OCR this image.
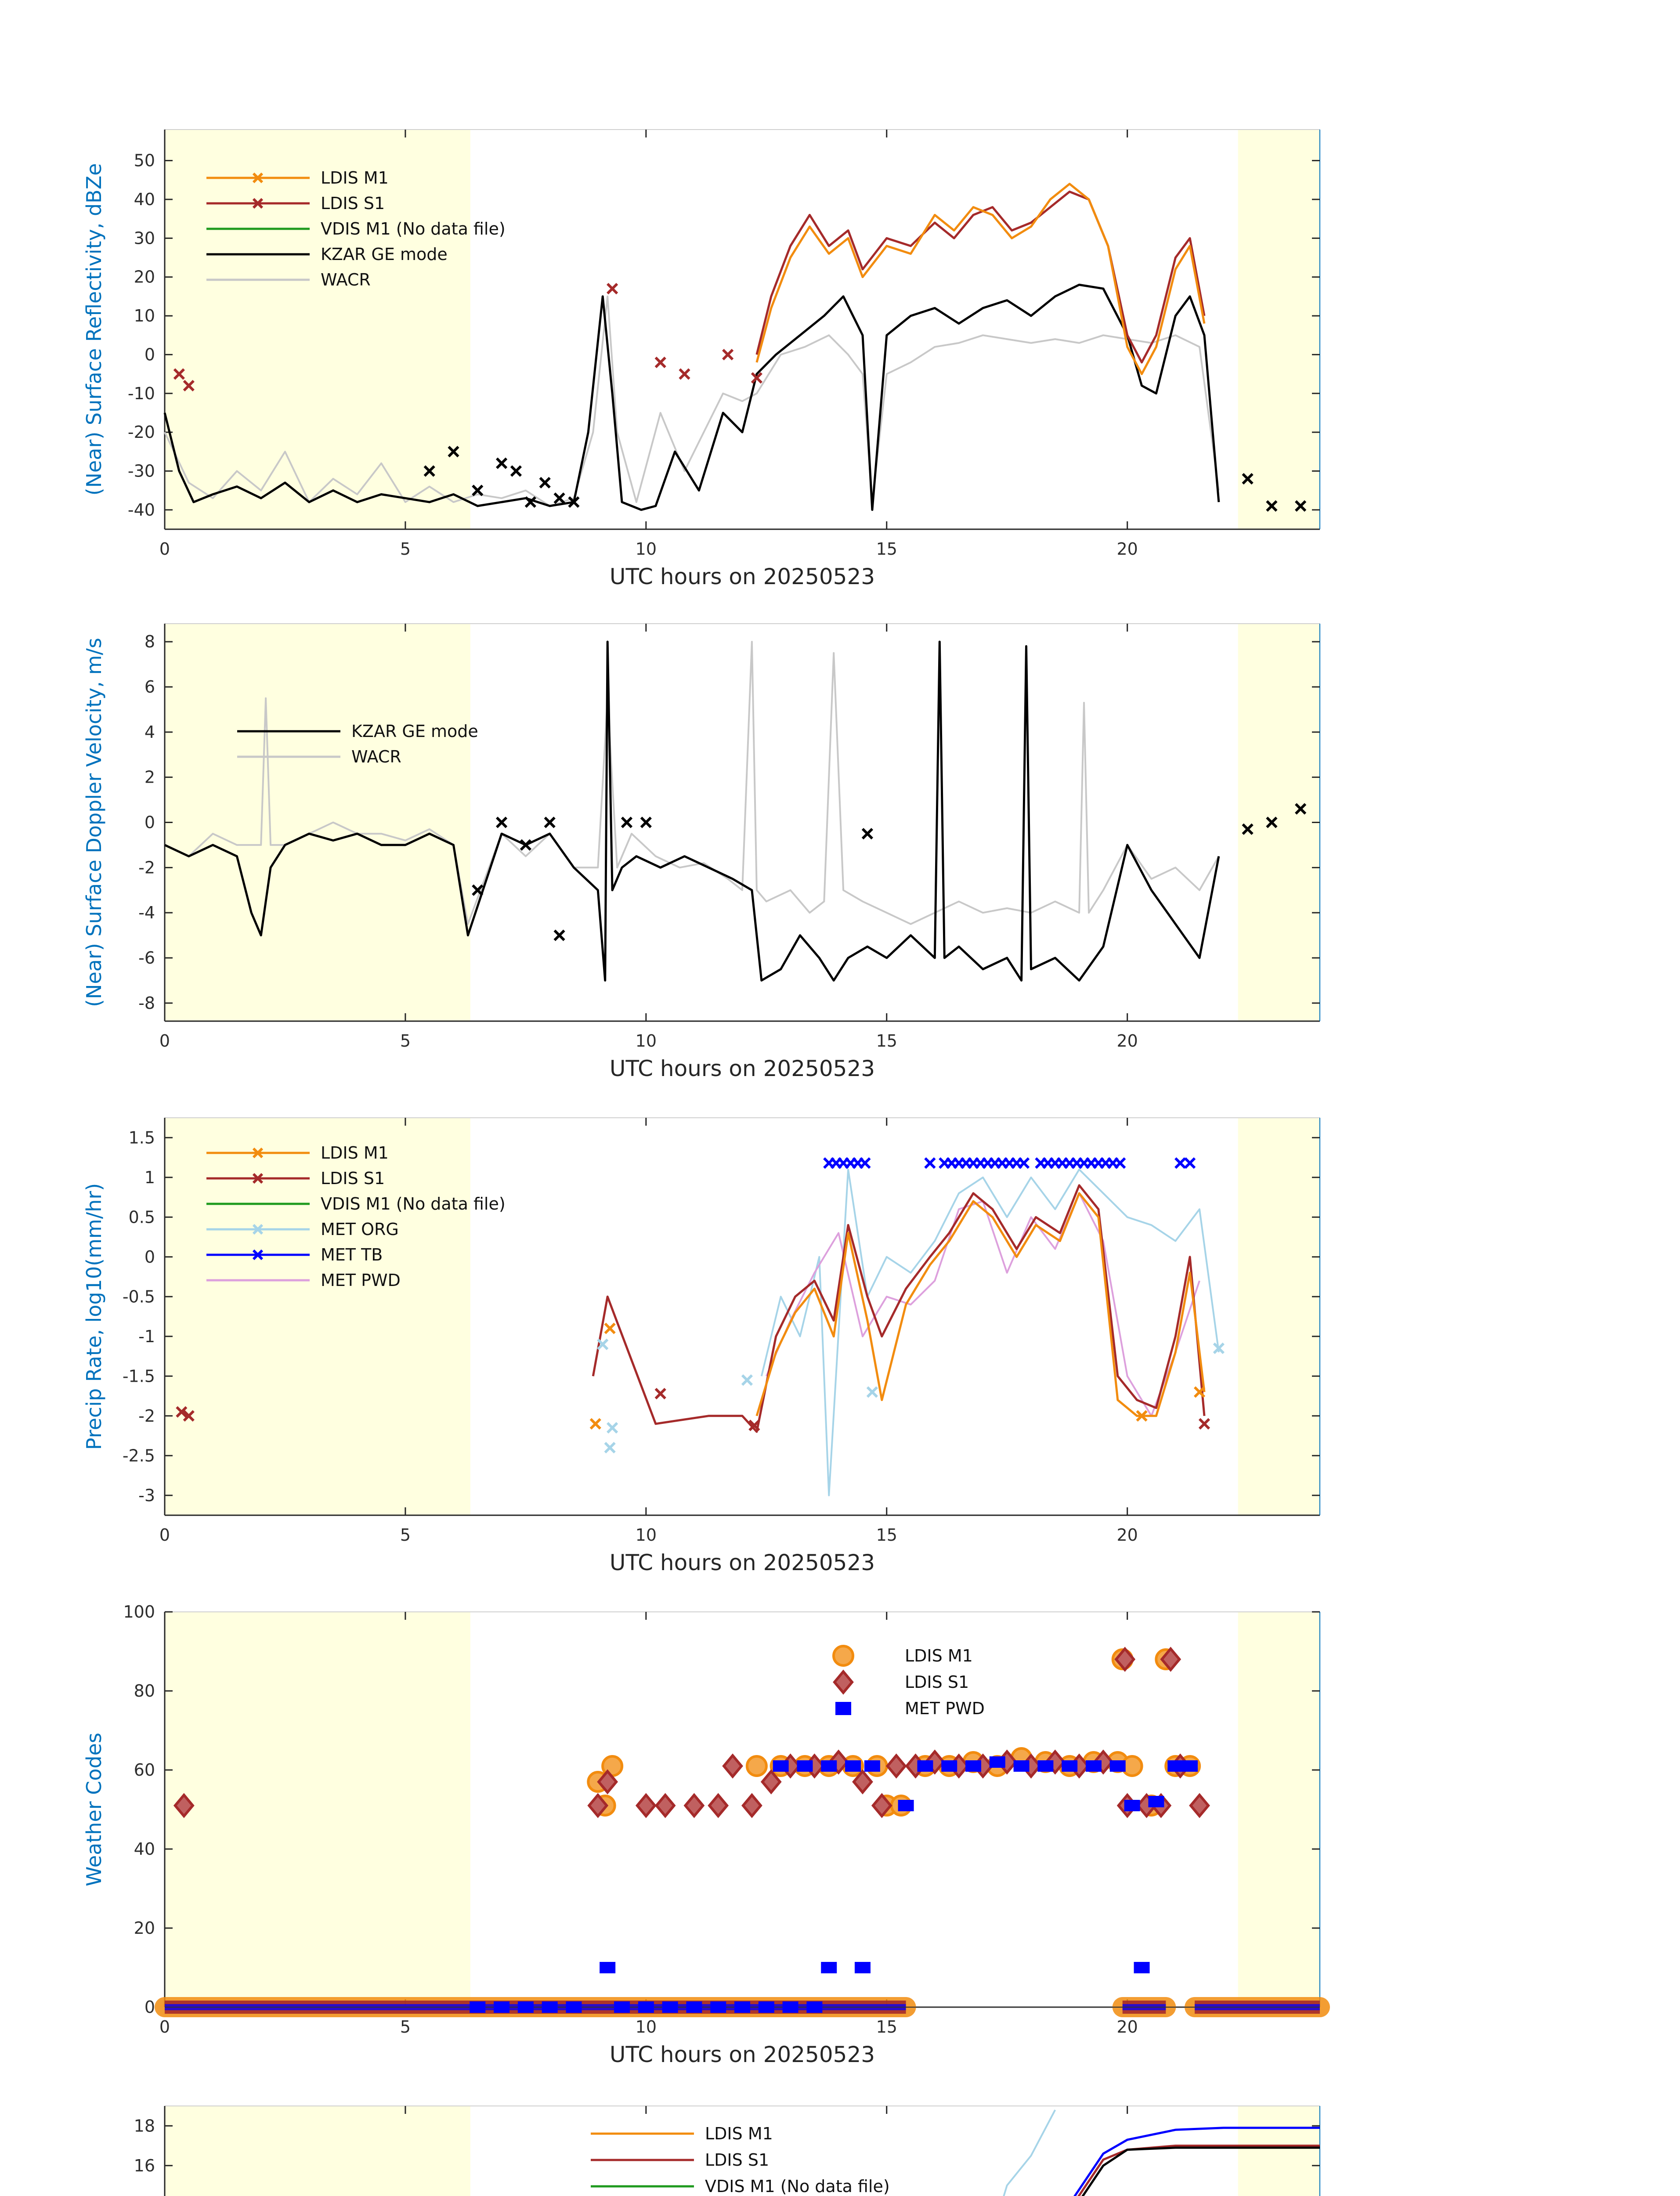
0	5	10	15	20
-40
-30
-20
-10
0
10
20
30
40
50
UTC hours on 20250523
(Near) Surface Reflectivity, dBZe	LDIS M1
LDIS S1
VDIS M1 (No data file)
KZAR GE mode
WACR
0	5	10	15	20
-8
-6
-4
-2
0
2
4
6
8
UTC hours on 20250523
(Near) Surface Doppler Velocity, m/s	KZAR GE mode
WACR
0	5	10	15	20
-3
-2.5
-2
-1.5
-1
-0.5
0
0.5
1
1.5
UTC hours on 20250523
Precip Rate, log10(mm/hr)
LDIS M1
LDIS S1
VDIS M1 (No data file)
MET ORG
MET TB
MET PWD
0	5	10	15	20
0
20
40
60
80
100
UTC hours on 20250523
Weather Codes
LDIS M1
LDIS S1
MET PWD
16
18	LDIS M1
LDIS S1
VDIS M1 (No data file)
